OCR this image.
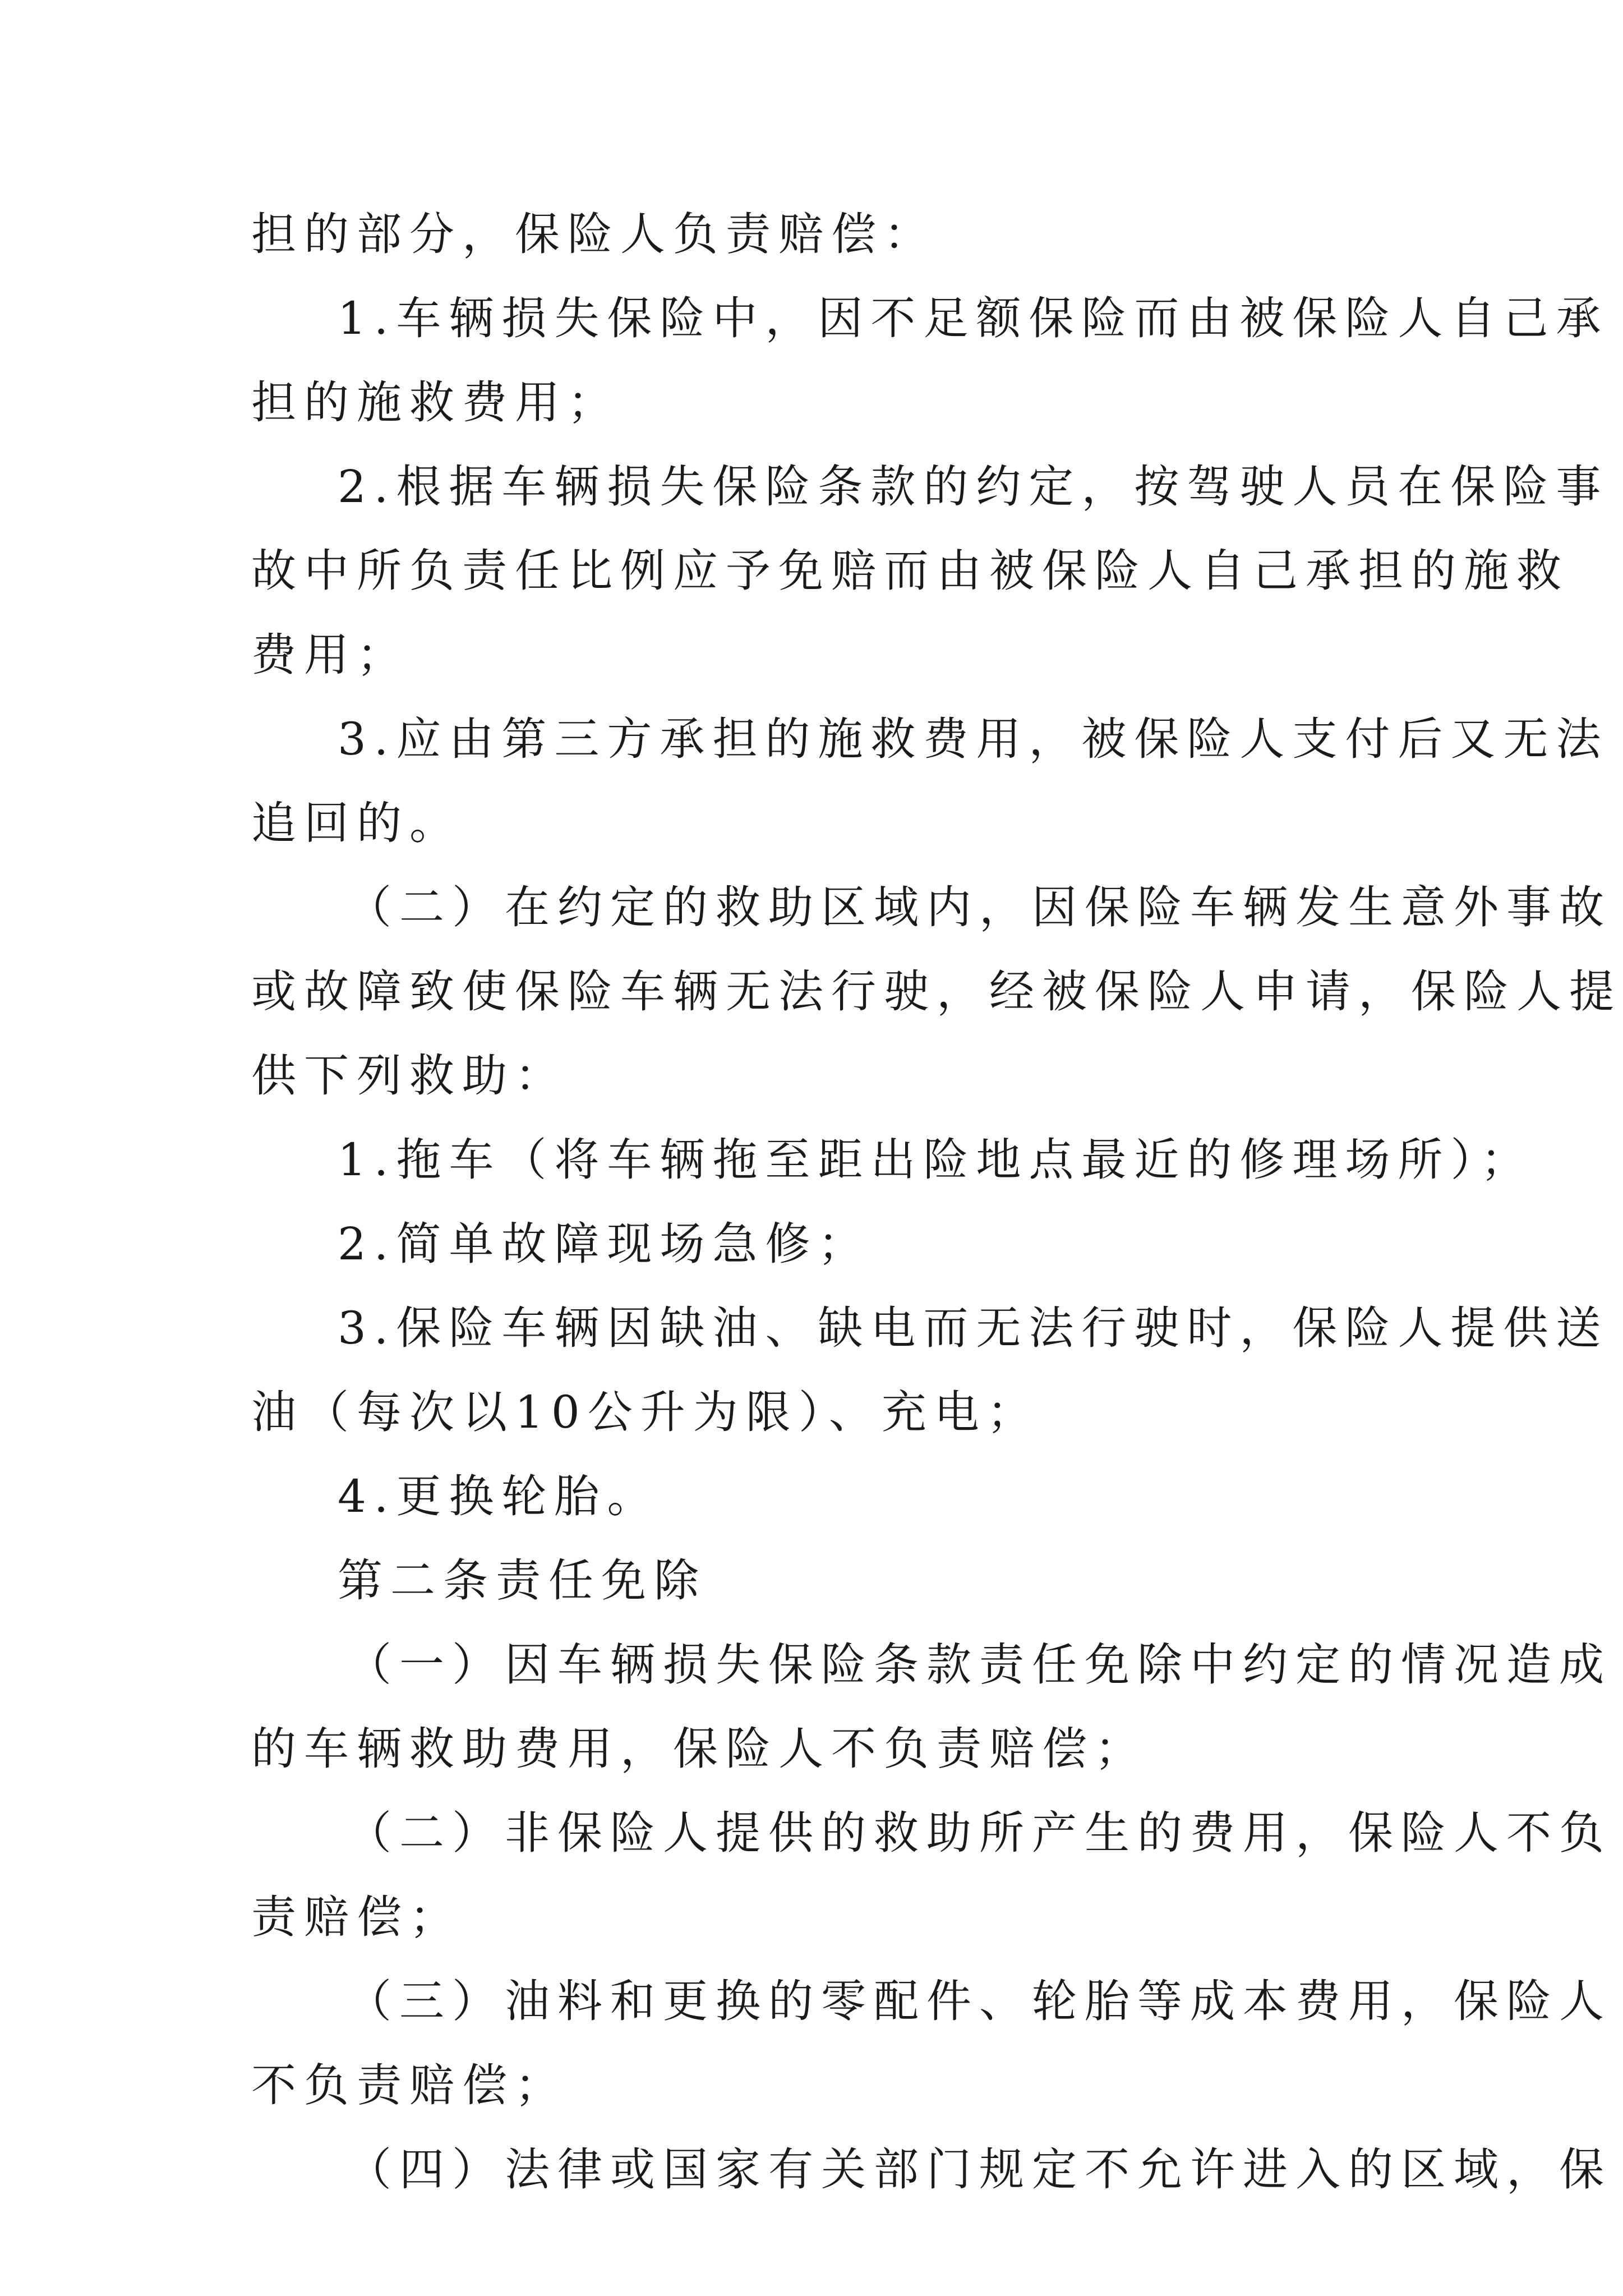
担的部分，保险人负责赔偿：
1.车辆损失保险中，因不足额保险而由被保险人自己承
担的施救费用；
2.根据车辆损失保险条款的约定，按驾驶人员在保险事
故中所负责任比例应予免赔而由被保险人自己承担的施救
费用；
3.应由第三方承担的施救费用，被保险人支付后又无法
追回的。
（二）在约定的救助区域内，因保险车辆发生意外事故
或故障致使保险车辆无法行驶，经被保险人申请，保险人提
供下列救助：
1.拖车（将车辆拖至距出险地点最近的修理场所）；
2.简单故障现场急修；
3.保险车辆因缺油、缺电而无法行驶时，保险人提供送
油（每次以10公升为限）、充电；
4.更换轮胎。
第二条责任免除
（一）因车辆损失保险条款责任免除中约定的情况造成
的车辆救助费用，保险人不负责赔偿；
（二）非保险人提供的救助所产生的费用，保险人不负
责赔偿；
（三）油料和更换的零配件、轮胎等成本费用，保险人
不负责赔偿；
（四）法律或国家有关部门规定不允许进入的区域，保
